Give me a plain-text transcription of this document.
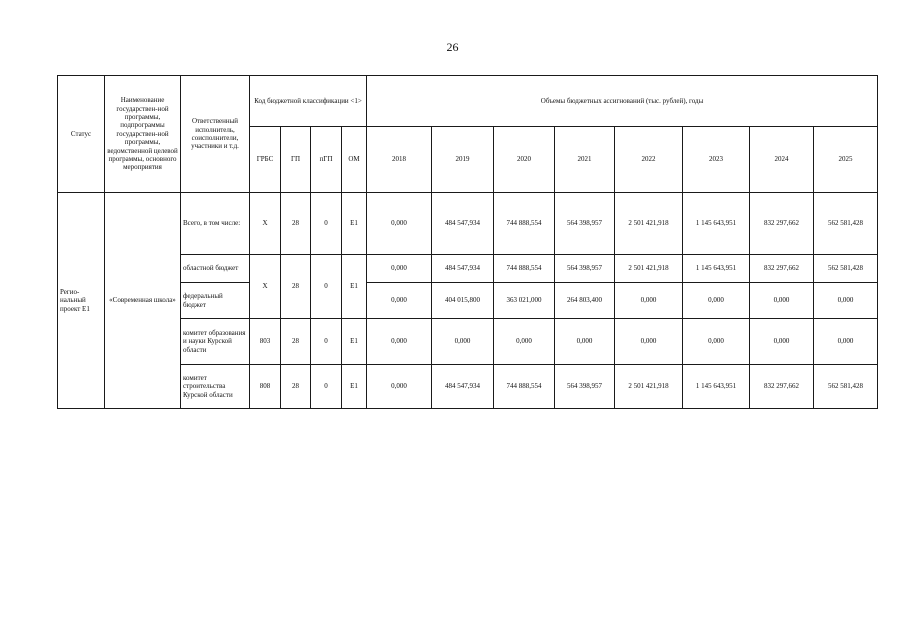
26
Статус	Наименование государствен-ной программы, подпрограммы государствен-ной программы, ведомственной целевой программы, основного мероприятия	Ответственный исполнитель, соисполнители, участники и т.д.	Код бюджетной классификации <1>				Объемы бюджетных ассигнований (тыс. рублей), годы							
			ГРБС	ГП	пГП	ОМ	2018	2019	2020	2021	2022	2023	2024	2025
Регио-нальный проект Е1	«Современная школа»	Всего, в том числе:	Х	28	0	Е1	0,000	484 547,934	744 888,554	564 398,957	2 501 421,918	1 145 643,951	832 297,662	562 581,428
		областной бюджет	Х	28	0	Е1	0,000	484 547,934	744 888,554	564 398,957	2 501 421,918	1 145 643,951	832 297,662	562 581,428
		федеральный бюджет					0,000	404 015,800	363 021,000	264 803,400	0,000	0,000	0,000	0,000
		комитет образования и науки Курской области	803	28	0	Е1	0,000	0,000	0,000	0,000	0,000	0,000	0,000	0,000
		комитет строительства Курской области	808	28	0	Е1	0,000	484 547,934	744 888,554	564 398,957	2 501 421,918	1 145 643,951	832 297,662	562 581,428
